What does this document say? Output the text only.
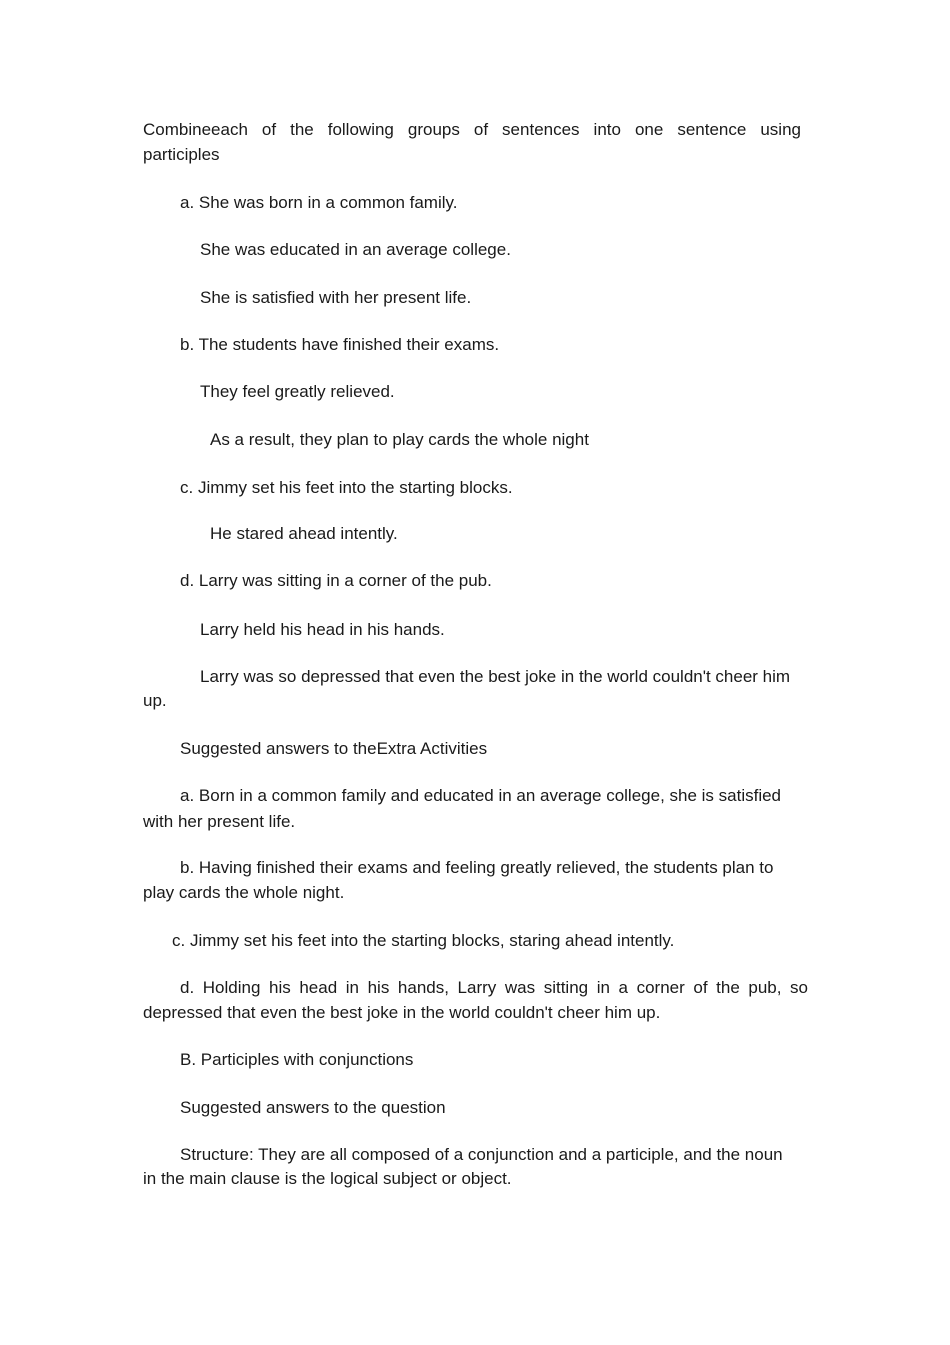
Combineeach of the following groups of sentences into one sentence using
participles
a. She was born in a common family.
She was educated in an average college.
She is satisfied with her present life.
b. The students have finished their exams.
They feel greatly relieved.
As a result, they plan to play cards the whole night
c. Jimmy set his feet into the starting blocks.
He stared ahead intently.
d. Larry was sitting in a corner of the pub.
Larry held his head in his hands.
Larry was so depressed that even the best joke in the world couldn't cheer him
up.
Suggested answers to theExtra Activities
a. Born in a common family and educated in an average college, she is satisfied
with her present life.
b. Having finished their exams and feeling greatly relieved, the students plan to
play cards the whole night.
c. Jimmy set his feet into the starting blocks, staring ahead intently.
d. Holding his head in his hands, Larry was sitting in a corner of the pub, so
depressed that even the best joke in the world couldn't cheer him up.
B. Participles with conjunctions
Suggested answers to the question
Structure: They are all composed of a conjunction and a participle, and the noun
in the main clause is the logical subject or object.
